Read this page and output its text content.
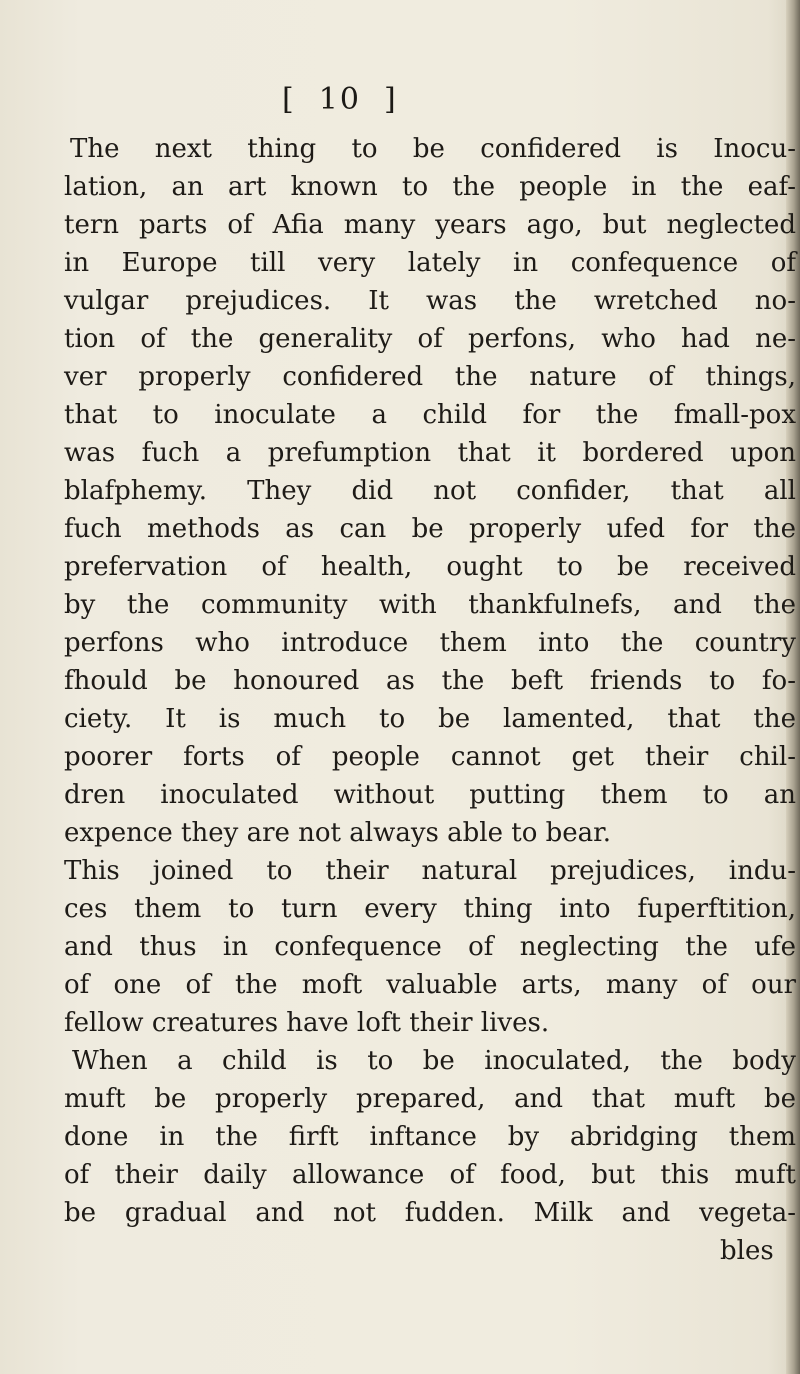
[  10  ]
The next thing to be confidered is Inocu-
lation, an art known to the people in the eaf-
tern parts of Afia many years ago, but neglected
in Europe till very lately in confequence of
vulgar prejudices. It was the wretched no-
tion of the generality of perfons, who had ne-
ver properly confidered the nature of things,
that to inoculate a child for the fmall-pox
was fuch a prefumption that it bordered upon
blafphemy. They did not confider, that all
fuch methods as can be properly ufed for the
prefervation of health, ought to be received
by the community with thankfulnefs, and the
perfons who introduce them into the country
fhould be honoured as the beft friends to fo-
ciety. It is much to be lamented, that the
poorer forts of people cannot get their chil-
dren inoculated without putting them to an
expence they are not always able to bear.
This joined to their natural prejudices, indu-
ces them to turn every thing into fuperftition,
and thus in confequence of neglecting the ufe
of one of the moft valuable arts, many of our
fellow creatures have loft their lives.
When a child is to be inoculated, the body
muft be properly prepared, and that muft be
done in the firft inftance by abridging them
of their daily allowance of food, but this muft
be gradual and not fudden. Milk and vegeta-
bles
